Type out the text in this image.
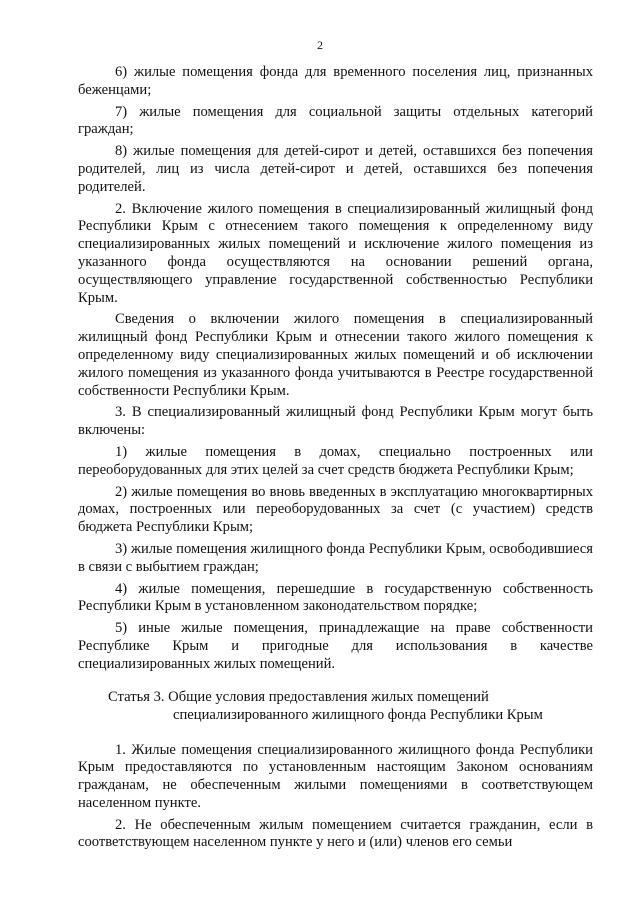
2

6) жилые помещения фонда для временного поселения лиц, признанных беженцами;

7) жилые помещения для социальной защиты отдельных категорий граждан;

8) жилые помещения для детей-сирот и детей, оставшихся без попечения родителей, лиц из числа детей-сирот и детей, оставшихся без попечения родителей.

2. Включение жилого помещения в специализированный жилищный фонд Республики Крым с отнесением такого помещения к определенному виду специализированных жилых помещений и исключение жилого помещения из указанного фонда осуществляются на основании решений органа, осуществляющего управление государственной собственностью Республики Крым.

Сведения о включении жилого помещения в специализированный жилищный фонд Республики Крым и отнесении такого жилого помещения к определенному виду специализированных жилых помещений и об исключении жилого помещения из указанного фонда учитываются в Реестре государственной собственности Республики Крым.

3. В специализированный жилищный фонд Республики Крым могут быть включены:

1) жилые помещения в домах, специально построенных или переоборудованных для этих целей за счет средств бюджета Республики Крым;

2) жилые помещения во вновь введенных в эксплуатацию многоквартирных домах, построенных или переоборудованных за счет (с участием) средств бюджета Республики Крым;

3) жилые помещения жилищного фонда Республики Крым, освободившиеся в связи с выбытием граждан;

4) жилые помещения, перешедшие в государственную собственность Республики Крым в установленном законодательством порядке;

5) иные жилые помещения, принадлежащие на праве собственности Республике Крым и пригодные для использования в качестве специализированных жилых помещений.

Статья 3. Общие условия предоставления жилых помещений
специализированного жилищного фонда Республики Крым

1. Жилые помещения специализированного жилищного фонда Республики Крым предоставляются по установленным настоящим Законом основаниям гражданам, не обеспеченным жилыми помещениями в соответствующем населенном пункте.

2. Не обеспеченным жилым помещением считается гражданин, если в соответствующем населенном пункте у него и (или) членов его семьи
